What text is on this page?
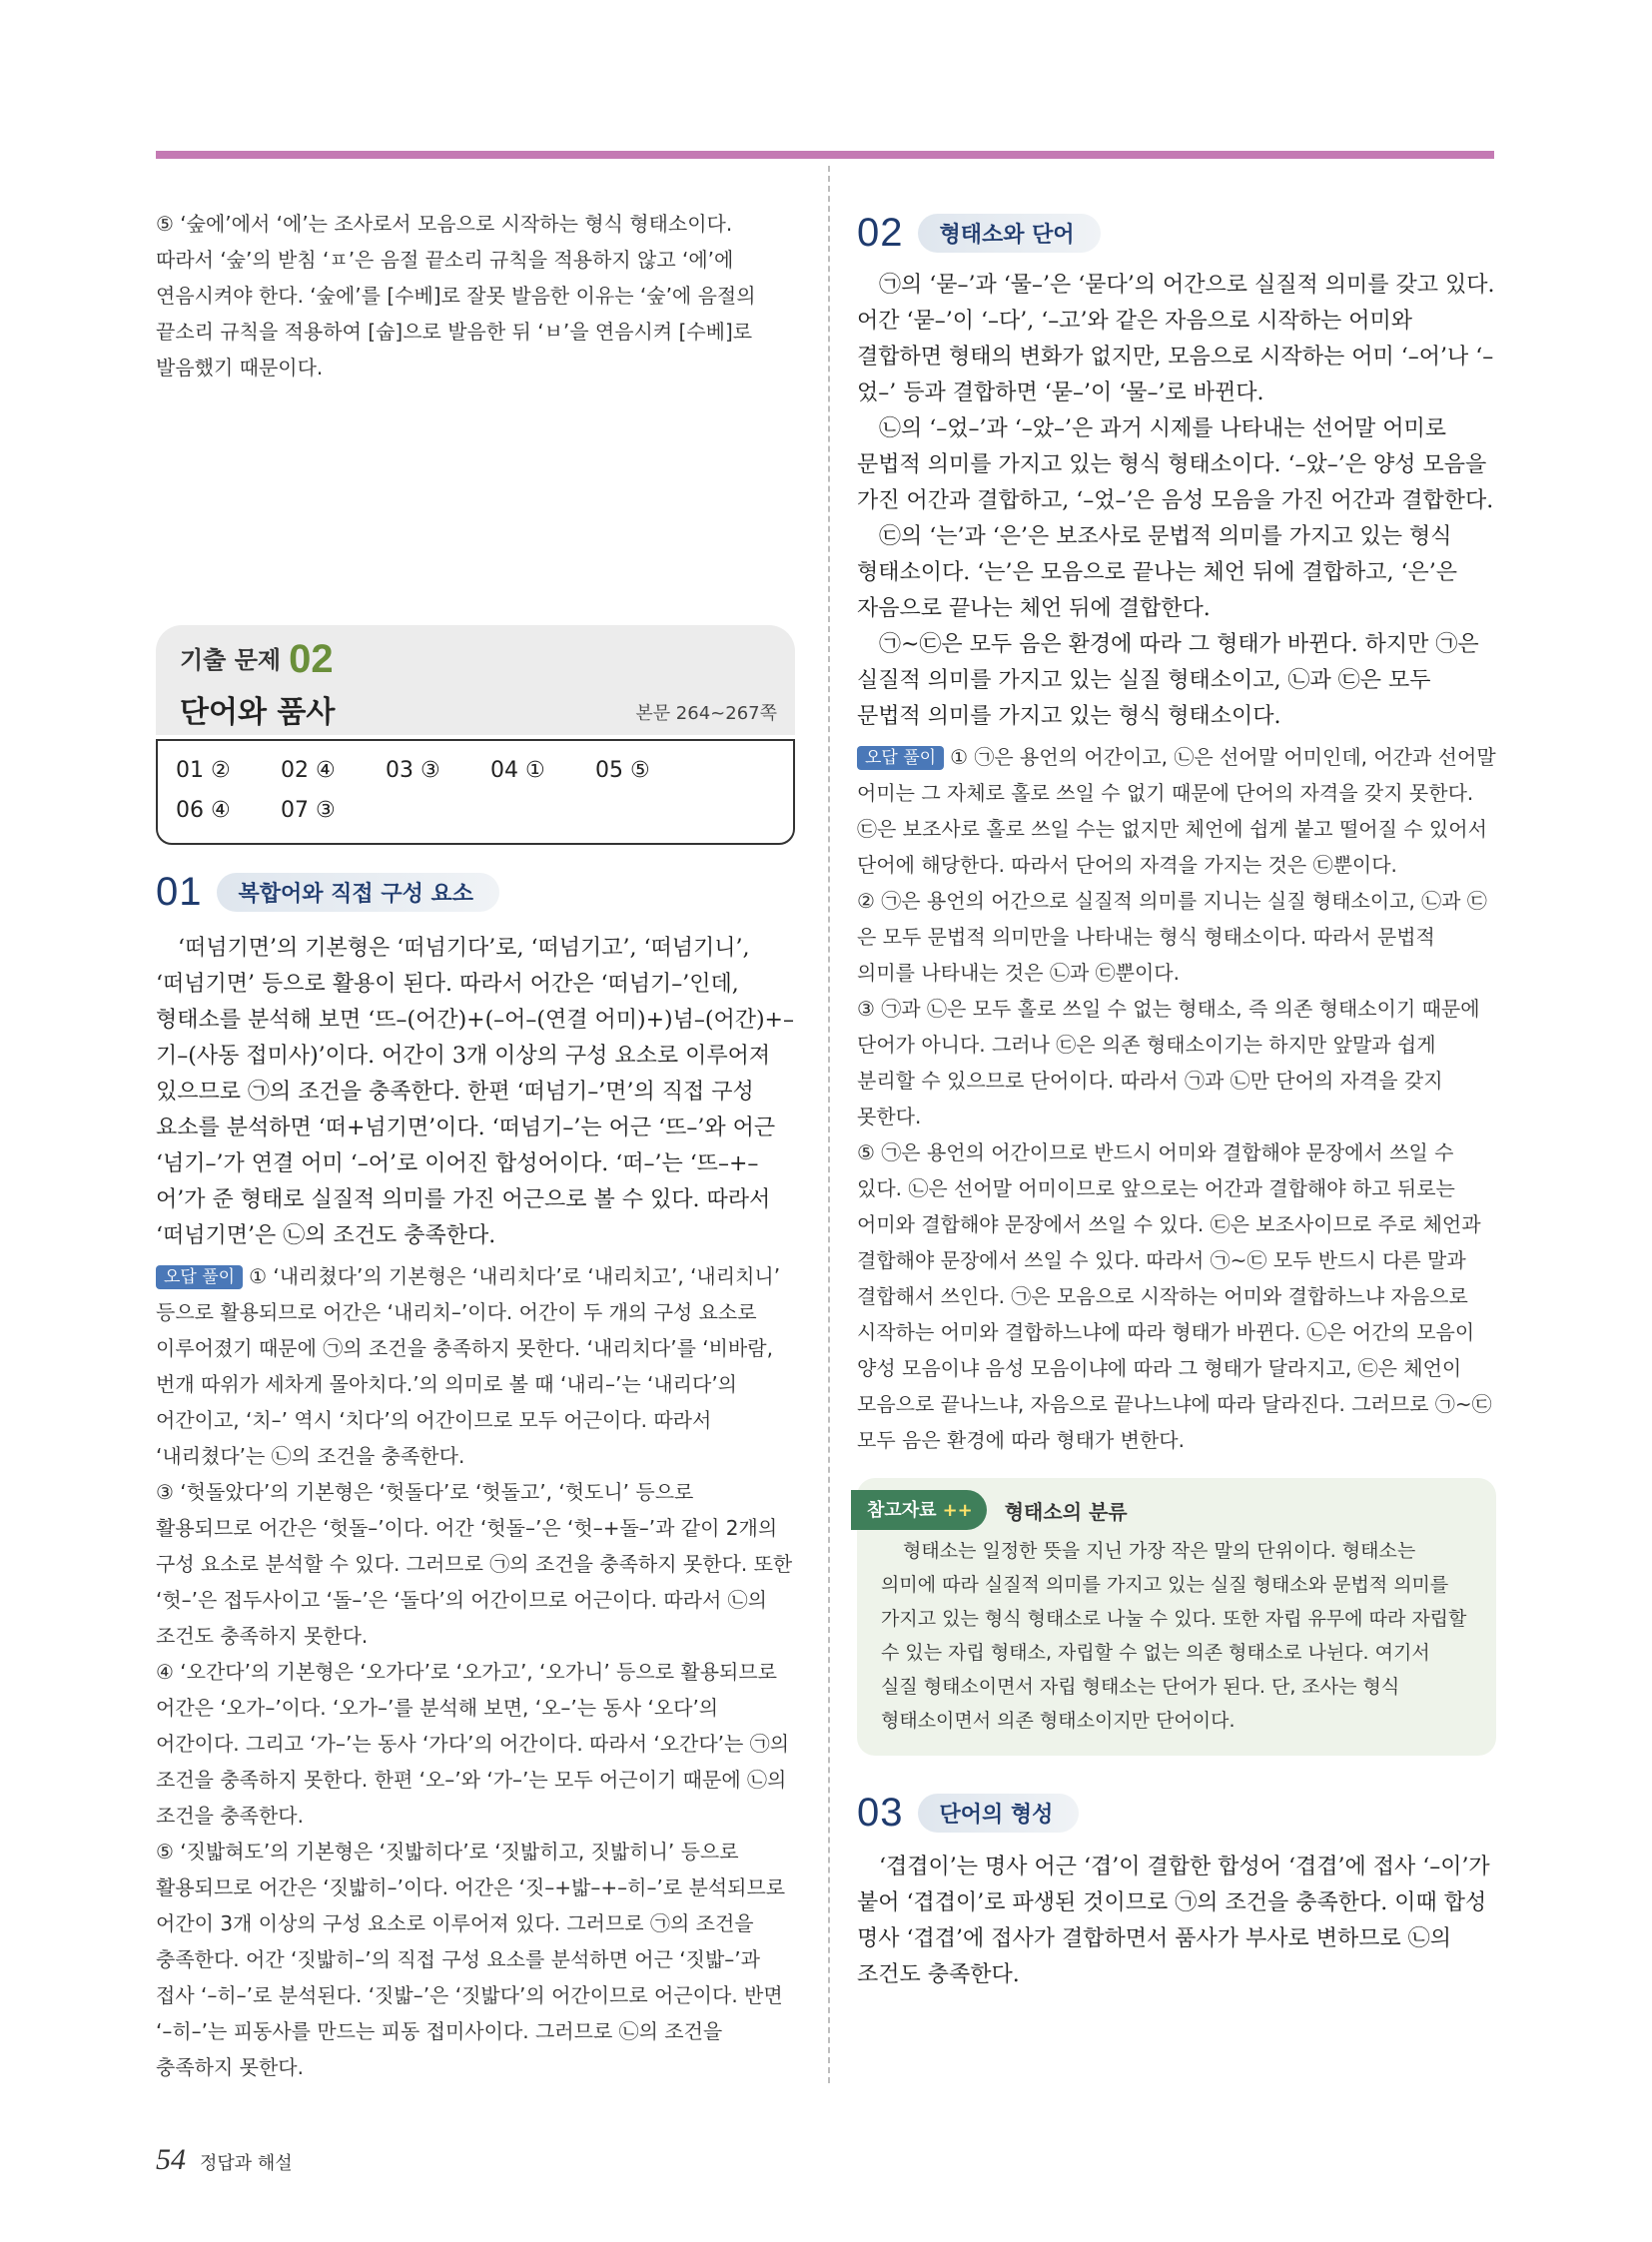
⑤ ‘숲에’에서 ‘에’는 조사로서 모음으로 시작하는 형식 형태소이다. 따라서 ‘숲’의 받침 ‘ㅍ’은 음절 끝소리 규칙을 적용하지 않고 ‘에’에 연음시켜야 한다. ‘숲에’를 [수베]로 잘못 발음한 이유는 ‘숲’에 음절의 끝소리 규칙을 적용하여 [숩]으로 발음한 뒤 ‘ㅂ’을 연음시켜 [수베]로 발음했기 때문이다.

기출 문제 02
단어와 품사	본문 264~267쪽
01 ②	02 ④	03 ③	04 ①	05 ⑤
06 ④	07 ③
01	복합어와 직접 구성 요소

‘떠넘기면’의 기본형은 ‘떠넘기다’로, ‘떠넘기고’, ‘떠넘기니’, ‘떠넘기면’ 등으로 활용이 된다. 따라서 어간은 ‘떠넘기–’인데, 형태소를 분석해 보면 ‘뜨–(어간)+(–어–(연결 어미)+)넘–(어간)+–기–(사동 접미사)’이다. 어간이 3개 이상의 구성 요소로 이루어져 있으므로 ㉠의 조건을 충족한다. 한편 ‘떠넘기–’면’의 직접 구성 요소를 분석하면 ‘떠+넘기면’이다. ‘떠넘기–’는 어근 ‘뜨–’와 어근 ‘넘기–’가 연결 어미 ‘–어’로 이어진 합성어이다. ‘떠–’는 ‘뜨–+–어’가 준 형태로 실질적 의미를 가진 어근으로 볼 수 있다. 따라서 ‘떠넘기면’은 ㉡의 조건도 충족한다.

오답 풀이 ① ‘내리쳤다’의 기본형은 ‘내리치다’로 ‘내리치고’, ‘내리치니’ 등으로 활용되므로 어간은 ‘내리치–’이다. 어간이 두 개의 구성 요소로 이루어졌기 때문에 ㉠의 조건을 충족하지 못한다. ‘내리치다’를 ‘비바람, 번개 따위가 세차게 몰아치다.’의 의미로 볼 때 ‘내리–’는 ‘내리다’의 어간이고, ‘치–’ 역시 ‘치다’의 어간이므로 모두 어근이다. 따라서 ‘내리쳤다’는 ㉡의 조건을 충족한다.

③ ‘헛돌았다’의 기본형은 ‘헛돌다’로 ‘헛돌고’, ‘헛도니’ 등으로 활용되므로 어간은 ‘헛돌–’이다. 어간 ‘헛돌–’은 ‘헛–+돌–’과 같이 2개의 구성 요소로 분석할 수 있다. 그러므로 ㉠의 조건을 충족하지 못한다. 또한 ‘헛–’은 접두사이고 ‘돌–’은 ‘돌다’의 어간이므로 어근이다. 따라서 ㉡의 조건도 충족하지 못한다.

④ ‘오간다’의 기본형은 ‘오가다’로 ‘오가고’, ‘오가니’ 등으로 활용되므로 어간은 ‘오가–’이다. ‘오가–’를 분석해 보면, ‘오–’는 동사 ‘오다’의 어간이다. 그리고 ‘가–’는 동사 ‘가다’의 어간이다. 따라서 ‘오간다’는 ㉠의 조건을 충족하지 못한다. 한편 ‘오–’와 ‘가–’는 모두 어근이기 때문에 ㉡의 조건을 충족한다.

⑤ ‘짓밟혀도’의 기본형은 ‘짓밟히다’로 ‘짓밟히고, 짓밟히니’ 등으로 활용되므로 어간은 ‘짓밟히–’이다. 어간은 ‘짓–+밟–+–히–’로 분석되므로 어간이 3개 이상의 구성 요소로 이루어져 있다. 그러므로 ㉠의 조건을 충족한다. 어간 ‘짓밟히–’의 직접 구성 요소를 분석하면 어근 ‘짓밟–’과 접사 ‘–히–’로 분석된다. ‘짓밟–’은 ‘짓밟다’의 어간이므로 어근이다. 반면 ‘–히–’는 피동사를 만드는 피동 접미사이다. 그러므로 ㉡의 조건을 충족하지 못한다.

02	형태소와 단어

㉠의 ‘묻–’과 ‘물–’은 ‘묻다’의 어간으로 실질적 의미를 갖고 있다. 어간 ‘묻–’이 ‘–다’, ‘–고’와 같은 자음으로 시작하는 어미와 결합하면 형태의 변화가 없지만, 모음으로 시작하는 어미 ‘–어’나 ‘–었–’ 등과 결합하면 ‘묻–’이 ‘물–’로 바뀐다.

㉡의 ‘–었–’과 ‘–았–’은 과거 시제를 나타내는 선어말 어미로 문법적 의미를 가지고 있는 형식 형태소이다. ‘–았–’은 양성 모음을 가진 어간과 결합하고, ‘–었–’은 음성 모음을 가진 어간과 결합한다.

㉢의 ‘는’과 ‘은’은 보조사로 문법적 의미를 가지고 있는 형식 형태소이다. ‘는’은 모음으로 끝나는 체언 뒤에 결합하고, ‘은’은 자음으로 끝나는 체언 뒤에 결합한다.

㉠~㉢은 모두 음은 환경에 따라 그 형태가 바뀐다. 하지만 ㉠은 실질적 의미를 가지고 있는 실질 형태소이고, ㉡과 ㉢은 모두 문법적 의미를 가지고 있는 형식 형태소이다.

오답 풀이 ① ㉠은 용언의 어간이고, ㉡은 선어말 어미인데, 어간과 선어말 어미는 그 자체로 홀로 쓰일 수 없기 때문에 단어의 자격을 갖지 못한다. ㉢은 보조사로 홀로 쓰일 수는 없지만 체언에 쉽게 붙고 떨어질 수 있어서 단어에 해당한다. 따라서 단어의 자격을 가지는 것은 ㉢뿐이다.

② ㉠은 용언의 어간으로 실질적 의미를 지니는 실질 형태소이고, ㉡과 ㉢은 모두 문법적 의미만을 나타내는 형식 형태소이다. 따라서 문법적 의미를 나타내는 것은 ㉡과 ㉢뿐이다.

③ ㉠과 ㉡은 모두 홀로 쓰일 수 없는 형태소, 즉 의존 형태소이기 때문에 단어가 아니다. 그러나 ㉢은 의존 형태소이기는 하지만 앞말과 쉽게 분리할 수 있으므로 단어이다. 따라서 ㉠과 ㉡만 단어의 자격을 갖지 못한다.

⑤ ㉠은 용언의 어간이므로 반드시 어미와 결합해야 문장에서 쓰일 수 있다. ㉡은 선어말 어미이므로 앞으로는 어간과 결합해야 하고 뒤로는 어미와 결합해야 문장에서 쓰일 수 있다. ㉢은 보조사이므로 주로 체언과 결합해야 문장에서 쓰일 수 있다. 따라서 ㉠~㉢ 모두 반드시 다른 말과 결합해서 쓰인다. ㉠은 모음으로 시작하는 어미와 결합하느냐 자음으로 시작하는 어미와 결합하느냐에 따라 형태가 바뀐다. ㉡은 어간의 모음이 양성 모음이냐 음성 모음이냐에 따라 그 형태가 달라지고, ㉢은 체언이 모음으로 끝나느냐, 자음으로 끝나느냐에 따라 달라진다. 그러므로 ㉠~㉢ 모두 음은 환경에 따라 형태가 변한다.

참고자료 ++	형태소의 분류

형태소는 일정한 뜻을 지닌 가장 작은 말의 단위이다. 형태소는 의미에 따라 실질적 의미를 가지고 있는 실질 형태소와 문법적 의미를 가지고 있는 형식 형태소로 나눌 수 있다. 또한 자립 유무에 따라 자립할 수 있는 자립 형태소, 자립할 수 없는 의존 형태소로 나뉜다. 여기서 실질 형태소이면서 자립 형태소는 단어가 된다. 단, 조사는 형식 형태소이면서 의존 형태소이지만 단어이다.

03	단어의 형성

‘겹겹이’는 명사 어근 ‘겹’이 결합한 합성어 ‘겹겹’에 접사 ‘–이’가 붙어 ‘겹겹이’로 파생된 것이므로 ㉠의 조건을 충족한다. 이때 합성 명사 ‘겹겹’에 접사가 결합하면서 품사가 부사로 변하므로 ㉡의 조건도 충족한다.

54 정답과 해설
